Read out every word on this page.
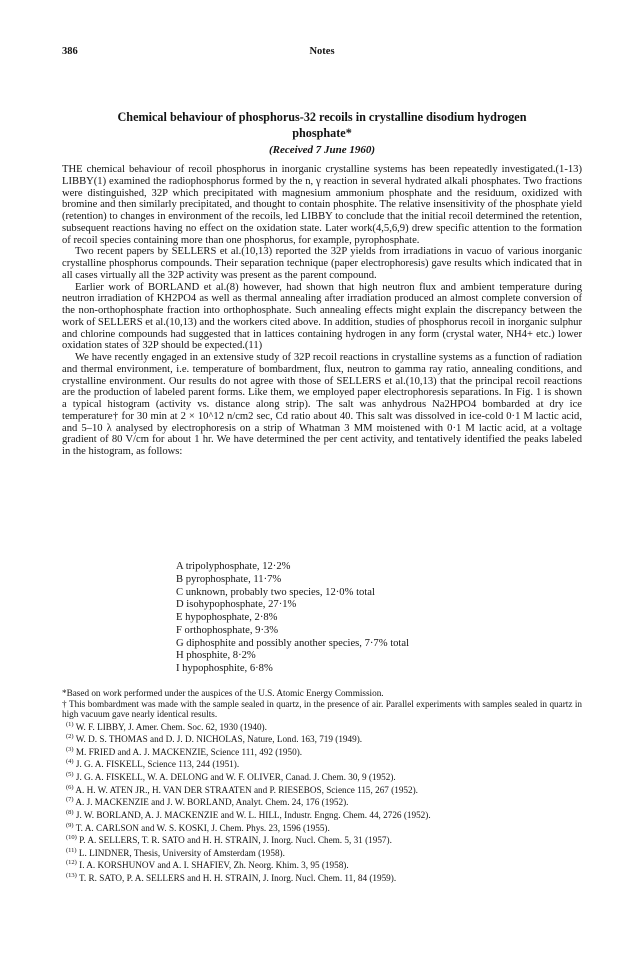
386	Notes
Chemical behaviour of phosphorus-32 recoils in crystalline disodium hydrogen phosphate*
(Received 7 June 1960)

THE chemical behaviour of recoil phosphorus in inorganic crystalline systems has been repeatedly investigated.(1-13) LIBBY(1) examined the radiophosphorus formed by the n, γ reaction in several hydrated alkali phosphates. Two fractions were distinguished, 32P which precipitated with magnesium ammonium phosphate and the residuum, oxidized with bromine and then similarly precipitated, and thought to contain phosphite. The relative insensitivity of the phosphate yield (retention) to changes in environment of the recoils, led LIBBY to conclude that the initial recoil determined the retention, subsequent reactions having no effect on the oxidation state. Later work(4,5,6,9) drew specific attention to the formation of recoil species containing more than one phosphorus, for example, pyrophosphate.

Two recent papers by SELLERS et al.(10,13) reported the 32P yields from irradiations in vacuo of various inorganic crystalline phosphorus compounds. Their separation technique (paper electrophoresis) gave results which indicated that in all cases virtually all the 32P activity was present as the parent compound.

Earlier work of BORLAND et al.(8) however, had shown that high neutron flux and ambient temperature during neutron irradiation of KH2PO4 as well as thermal annealing after irradiation produced an almost complete conversion of the non-orthophosphate fraction into orthophosphate. Such annealing effects might explain the discrepancy between the work of SELLERS et al.(10,13) and the workers cited above. In addition, studies of phosphorus recoil in inorganic sulphur and chlorine compounds had suggested that in lattices containing hydrogen in any form (crystal water, NH4+ etc.) lower oxidation states of 32P should be expected.(11)

We have recently engaged in an extensive study of 32P recoil reactions in crystalline systems as a function of radiation and thermal environment, i.e. temperature of bombardment, flux, neutron to gamma ray ratio, annealing conditions, and crystalline environment. Our results do not agree with those of SELLERS et al.(10,13) that the principal recoil reactions are the production of labeled parent forms. Like them, we employed paper electrophoresis separations. In Fig. 1 is shown a typical histogram (activity vs. distance along strip). The salt was anhydrous Na2HPO4 bombarded at dry ice temperature† for 30 min at 2 × 10^12 n/cm2 sec, Cd ratio about 40. This salt was dissolved in ice-cold 0·1 M lactic acid, and 5–10 λ analysed by electrophoresis on a strip of Whatman 3 MM moistened with 0·1 M lactic acid, at a voltage gradient of 80 V/cm for about 1 hr. We have determined the per cent activity, and tentatively identified the peaks labeled in the histogram, as follows:

A tripolyphosphate, 12·2%
B pyrophosphate, 11·7%
C unknown, probably two species, 12·0% total
D isohypophosphate, 27·1%
E hypophosphate, 2·8%
F orthophosphate, 9·3%
G diphosphite and possibly another species, 7·7% total
H phosphite, 8·2%
I hypophosphite, 6·8%
*Based on work performed under the auspices of the U.S. Atomic Energy Commission.
† This bombardment was made with the sample sealed in quartz, in the presence of air. Parallel experiments with samples sealed in quartz in high vacuum gave nearly identical results.
$^{(1)}$ W. F. LIBBY, J. Amer. Chem. Soc. 62, 1930 (1940).
$^{(2)}$ W. D. S. THOMAS and D. J. D. NICHOLAS, Nature, Lond. 163, 719 (1949).
$^{(3)}$ M. FRIED and A. J. MACKENZIE, Science 111, 492 (1950).
$^{(4)}$ J. G. A. FISKELL, Science 113, 244 (1951).
$^{(5)}$ J. G. A. FISKELL, W. A. DELONG and W. F. OLIVER, Canad. J. Chem. 30, 9 (1952).
$^{(6)}$ A. H. W. ATEN JR., H. VAN DER STRAATEN and P. RIESEBOS, Science 115, 267 (1952).
$^{(7)}$ A. J. MACKENZIE and J. W. BORLAND, Analyt. Chem. 24, 176 (1952).
$^{(8)}$ J. W. BORLAND, A. J. MACKENZIE and W. L. HILL, Industr. Engng. Chem. 44, 2726 (1952).
$^{(9)}$ T. A. CARLSON and W. S. KOSKI, J. Chem. Phys. 23, 1596 (1955).
$^{(10)}$ P. A. SELLERS, T. R. SATO and H. H. STRAIN, J. Inorg. Nucl. Chem. 5, 31 (1957).
$^{(11)}$ L. LINDNER, Thesis, University of Amsterdam (1958).
$^{(12)}$ I. A. KORSHUNOV and A. I. SHAFIEV, Zh. Neorg. Khim. 3, 95 (1958).
$^{(13)}$ T. R. SATO, P. A. SELLERS and H. H. STRAIN, J. Inorg. Nucl. Chem. 11, 84 (1959).
